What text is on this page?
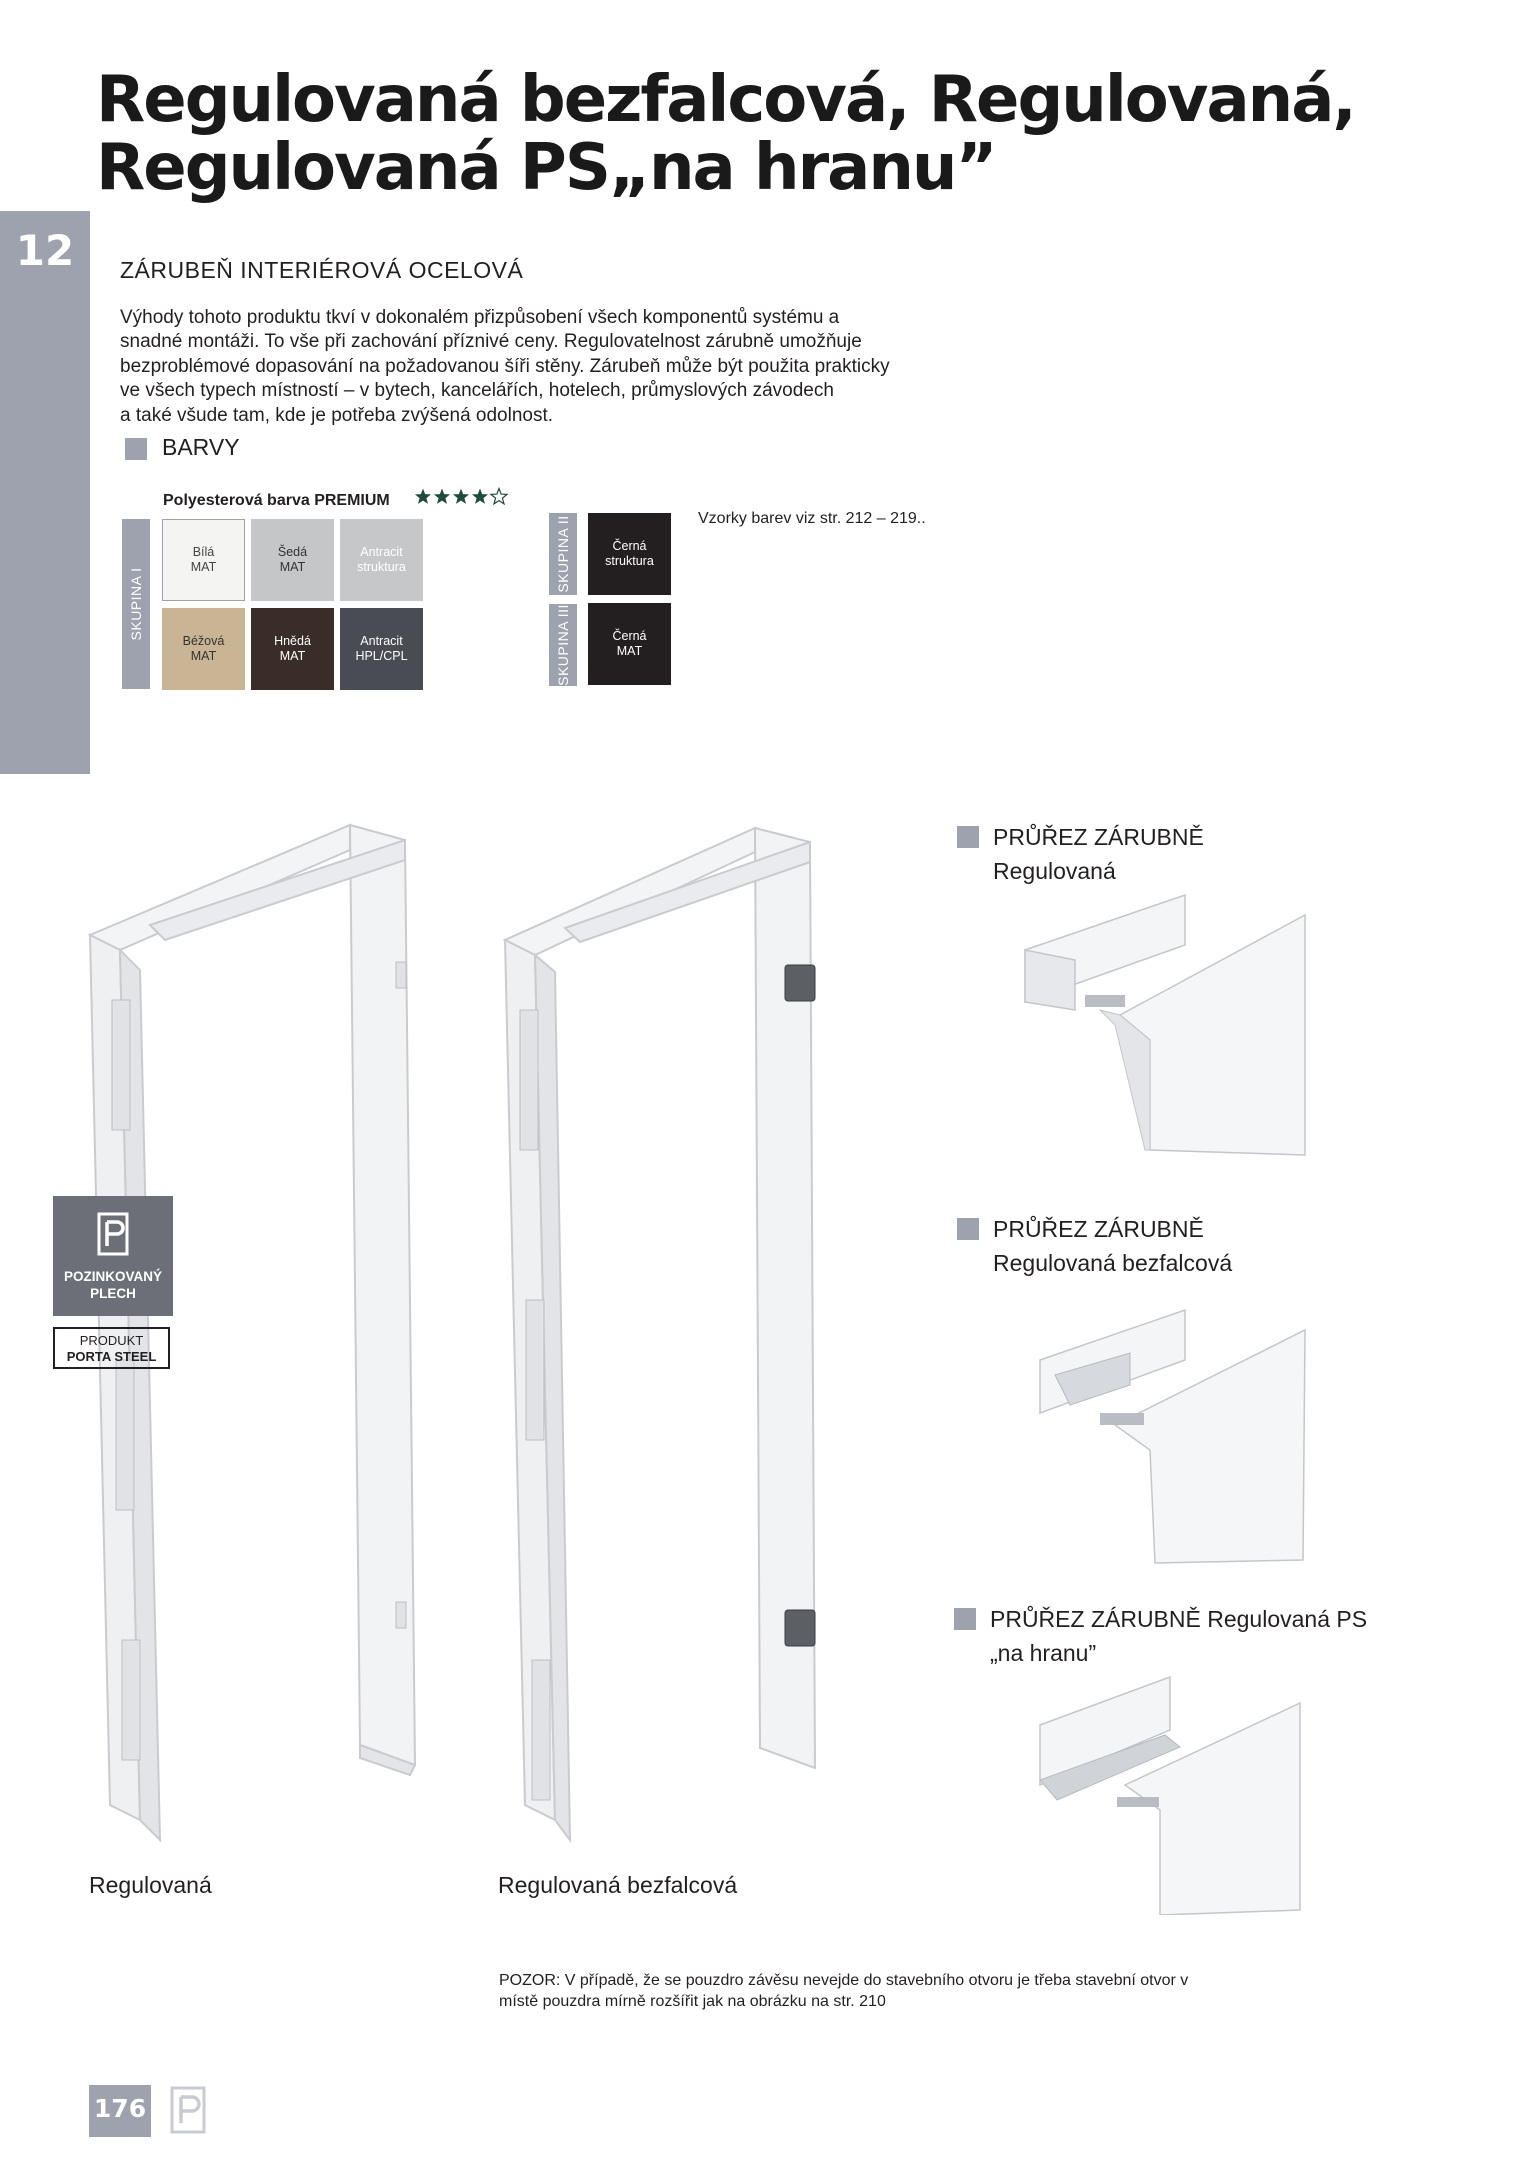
12
Regulovaná bezfalcová, Regulovaná,
Regulovaná PS„na hranu”
ZÁRUBEŇ INTERIÉROVÁ OCELOVÁ
Výhody tohoto produktu tkví v dokonalém přizpůsobení všech komponentů systému a
snadné montáži. To vše při zachování příznivé ceny. Regulovatelnost zárubně umožňuje
bezproblémové dopasování na požadovanou šíři stěny. Zárubeň může být použita prakticky
ve všech typech místností – v bytech, kancelářích, hotelech, průmyslových závodech
a také všude tam, kde je potřeba zvýšená odolnost.
BARVY
Polyesterová barva PREMIUM
SKUPINA I
SKUPINA II
SKUPINA III
Bílá
MAT
Šedá
MAT
Antracit
struktura
Béžová
MAT
Hnědá
MAT
Antracit
HPL/CPL
Černá
struktura
Černá
MAT
Vzorky barev viz str. 212 – 219..
PRŮŘEZ ZÁRUBNĚ
Regulovaná
PRŮŘEZ ZÁRUBNĚ
Regulovaná bezfalcová
PRŮŘEZ ZÁRUBNĚ Regulovaná PS
„na hranu”
Regulovaná	Regulovaná bezfalcová
POZINKOVANÝ
PLECH
PRODUKT
PORTA STEEL
POZOR: V případě, že se pouzdro závěsu nevejde do stavebního otvoru je třeba stavební otvor v
místě pouzdra mírně rozšířit jak na obrázku na str. 210
176
